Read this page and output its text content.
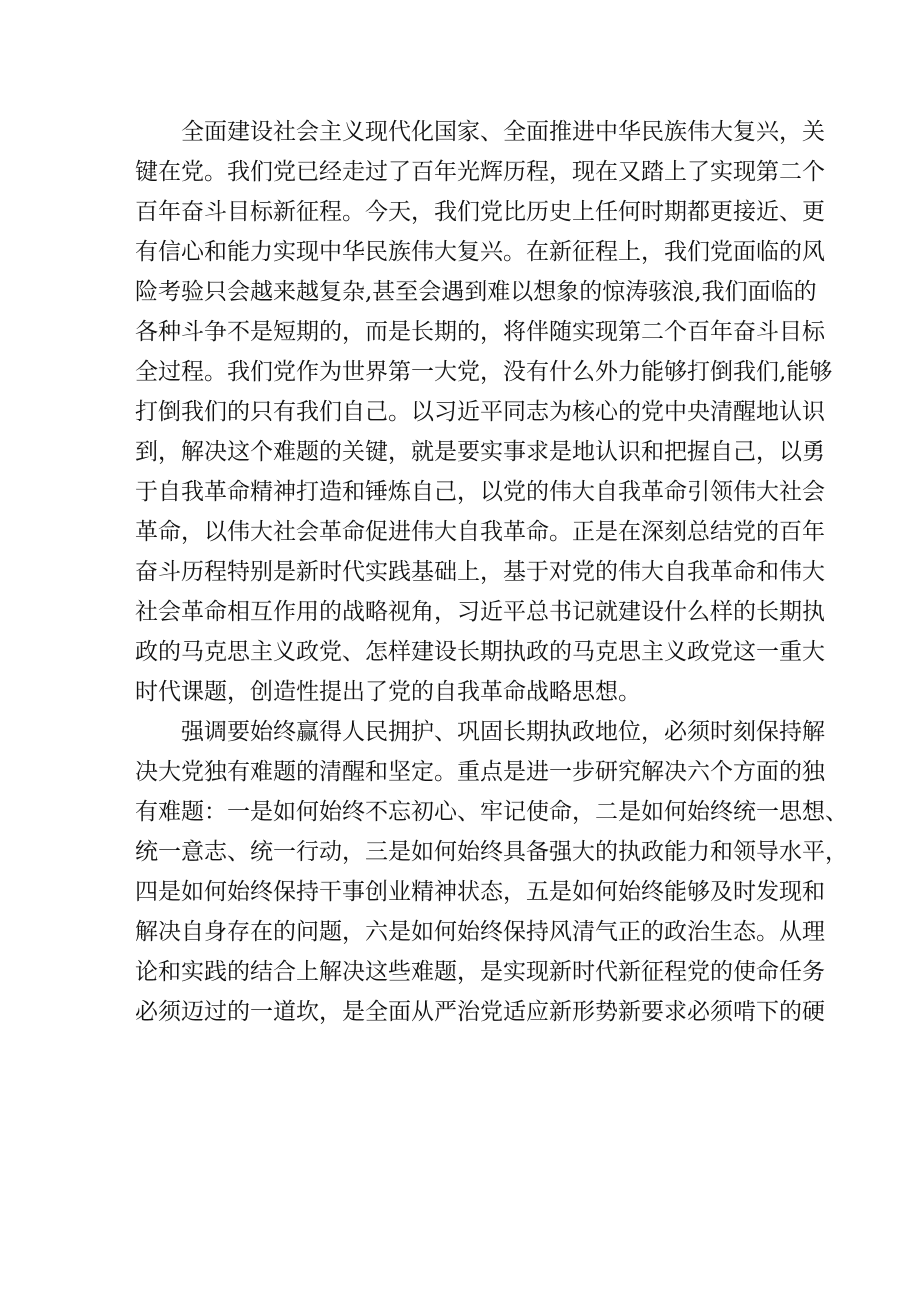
全面建设社会主义现代化国家、全面推进中华民族伟大复兴，关
键在党。我们党已经走过了百年光辉历程，现在又踏上了实现第二个
百年奋斗目标新征程。今天，我们党比历史上任何时期都更接近、更
有信心和能力实现中华民族伟大复兴。在新征程上，我们党面临的风
险考验只会越来越复杂,甚至会遇到难以想象的惊涛骇浪,我们面临的
各种斗争不是短期的，而是长期的，将伴随实现第二个百年奋斗目标
全过程。我们党作为世界第一大党，没有什么外力能够打倒我们,能够
打倒我们的只有我们自己。以习近平同志为核心的党中央清醒地认识
到，解决这个难题的关键，就是要实事求是地认识和把握自己，以勇
于自我革命精神打造和锤炼自己，以党的伟大自我革命引领伟大社会
革命，以伟大社会革命促进伟大自我革命。正是在深刻总结党的百年
奋斗历程特别是新时代实践基础上，基于对党的伟大自我革命和伟大
社会革命相互作用的战略视角，习近平总书记就建设什么样的长期执
政的马克思主义政党、怎样建设长期执政的马克思主义政党这一重大
时代课题，创造性提出了党的自我革命战略思想。
强调要始终赢得人民拥护、巩固长期执政地位，必须时刻保持解
决大党独有难题的清醒和坚定。重点是进一步研究解决六个方面的独
有难题：一是如何始终不忘初心、牢记使命，二是如何始终统一思想、
统一意志、统一行动，三是如何始终具备强大的执政能力和领导水平，
四是如何始终保持干事创业精神状态，五是如何始终能够及时发现和
解决自身存在的问题，六是如何始终保持风清气正的政治生态。从理
论和实践的结合上解决这些难题，是实现新时代新征程党的使命任务
必须迈过的一道坎，是全面从严治党适应新形势新要求必须啃下的硬
